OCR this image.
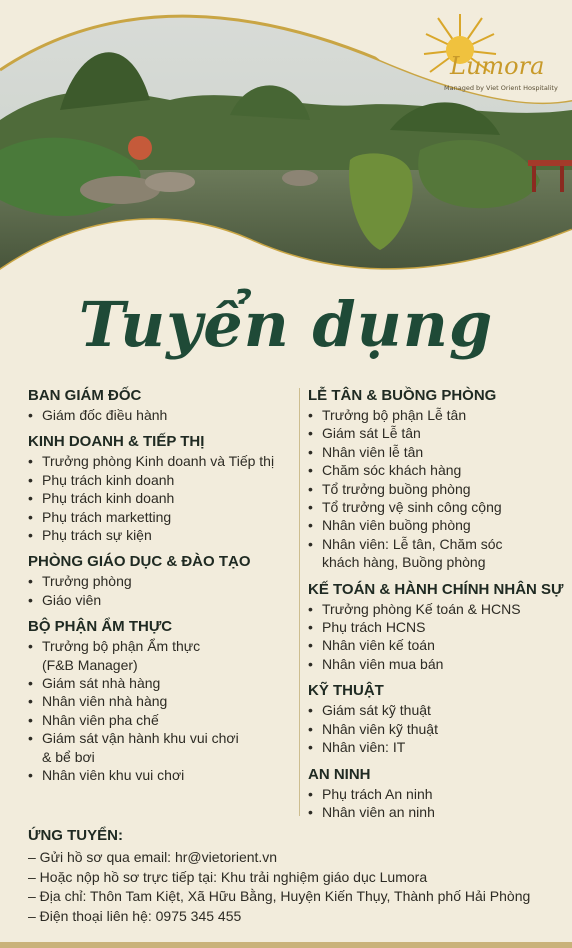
Lumora
Managed by Viet Orient Hospitality
Tuyển dụng
BAN GIÁM ĐỐC
• Giám đốc điều hành
KINH DOANH & TIẾP THỊ
• Trưởng phòng Kinh doanh và Tiếp thị
• Phụ trách kinh doanh
• Phụ trách kinh doanh
• Phụ trách marketting
• Phụ trách sự kiện
PHÒNG GIÁO DỤC & ĐÀO TẠO
• Trưởng phòng
• Giáo viên
BỘ PHẬN ẨM THỰC
• Trưởng bộ phận Ẩm thực
(F&B Manager)
• Giám sát nhà hàng
• Nhân viên nhà hàng
• Nhân viên pha chế
• Giám sát vận hành khu vui chơi
& bể bơi
• Nhân viên khu vui chơi
LỄ TÂN & BUỒNG PHÒNG
• Trưởng bộ phận Lễ tân
• Giám sát Lễ tân
• Nhân viên lễ tân
• Chăm sóc khách hàng
• Tổ trưởng buồng phòng
• Tổ trưởng vệ sinh công cộng
• Nhân viên buồng phòng
• Nhân viên: Lễ tân, Chăm sóc
khách hàng, Buồng phòng
KẾ TOÁN & HÀNH CHÍNH NHÂN SỰ
• Trưởng phòng Kế toán & HCNS
• Phụ trách HCNS
• Nhân viên kế toán
• Nhân viên mua bán
KỸ THUẬT
• Giám sát kỹ thuật
• Nhân viên kỹ thuật
• Nhân viên: IT
AN NINH
• Phụ trách An ninh
• Nhân viên an ninh
ỨNG TUYỂN:
– Gửi hồ sơ qua email: hr@vietorient.vn
– Hoặc nộp hồ sơ trực tiếp tại: Khu trải nghiệm giáo dục Lumora
– Địa chỉ: Thôn Tam Kiệt, Xã Hữu Bằng, Huyện Kiến Thụy, Thành phố Hải Phòng
– Điện thoại liên hệ: 0975 345 455
